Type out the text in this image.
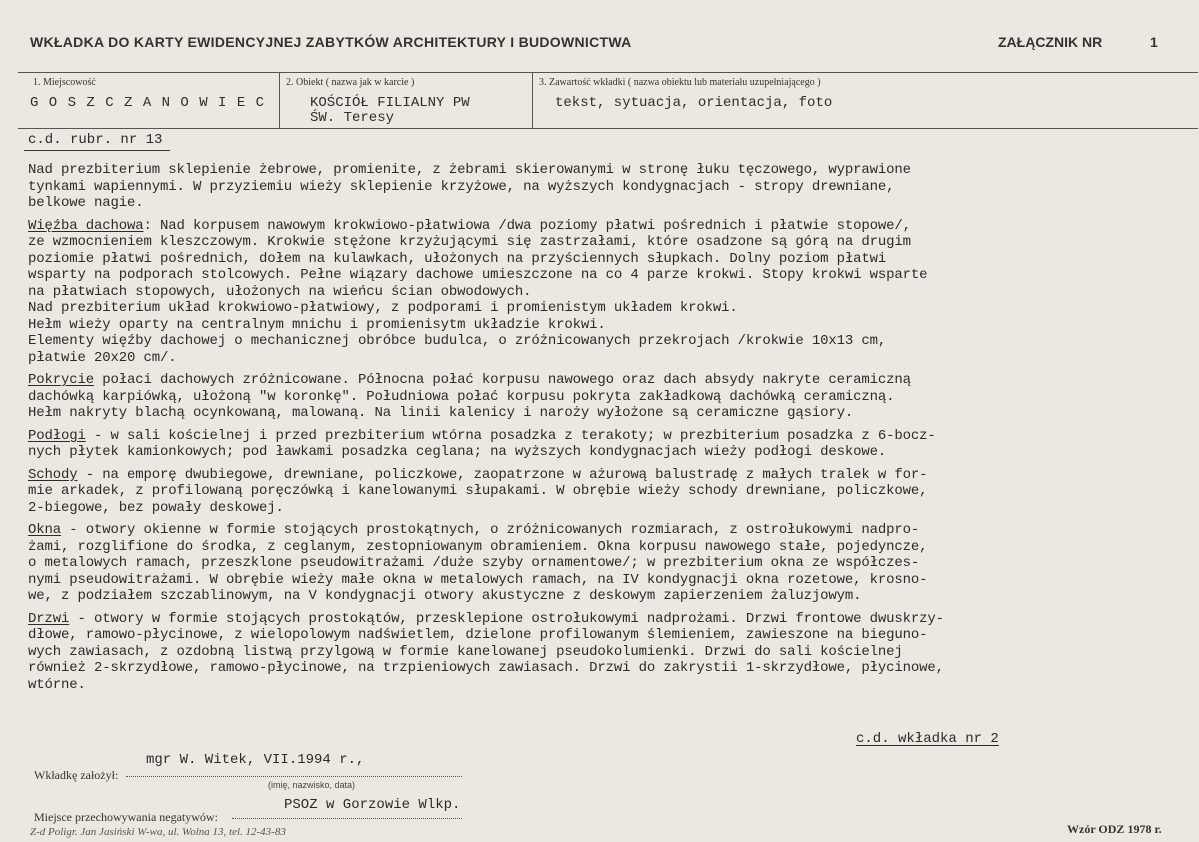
WKŁADKA DO KARTY EWIDENCYJNEJ ZABYTKÓW ARCHITEKTURY I BUDOWNICTWA	ZAŁĄCZNIK NR	1
1. Miejscowość
G O S Z C Z A N O W I E C
2. Obiekt ( nazwa jak w karcie )
KOŚCIÓŁ FILIALNY PW
ŚW. Teresy
3. Zawartość wkładki ( nazwa obiektu lub materiału uzupełniającego )
tekst, sytuacja, orientacja, foto
c.d. rubr. nr 13
Nad prezbiterium sklepienie żebrowe, promienite, z żebrami skierowanymi w stronę łuku tęczowego, wyprawione
tynkami wapiennymi. W przyziemiu wieży sklepienie krzyżowe, na wyższych kondygnacjach - stropy drewniane,
belkowe nagie.
Więźba dachowa: Nad korpusem nawowym krokwiowo-płatwiowa /dwa poziomy płatwi pośrednich i płatwie stopowe/,
ze wzmocnieniem kleszczowym. Krokwie stężone krzyżującymi się zastrzałami, które osadzone są górą na drugim
poziomie płatwi pośrednich, dołem na kulawkach, ułożonych na przyściennych słupkach. Dolny poziom płatwi
wsparty na podporach stolcowych. Pełne wiązary dachowe umieszczone na co 4 parze krokwi. Stopy krokwi wsparte
na płatwiach stopowych, ułożonych na wieńcu ścian obwodowych.
Nad prezbiterium układ krokwiowo-płatwiowy, z podporami i promienistym układem krokwi.
Hełm wieży oparty na centralnym mnichu i promienisytm układzie krokwi.
Elementy więźby dachowej o mechanicznej obróbce budulca, o zróżnicowanych przekrojach /krokwie 10x13 cm,
płatwie 20x20 cm/.
Pokrycie połaci dachowych zróżnicowane. Północna połać korpusu nawowego oraz dach absydy nakryte ceramiczną
dachówką karpiówką, ułożoną "w koronkę". Południowa połać korpusu pokryta zakładkową dachówką ceramiczną.
Hełm nakryty blachą ocynkowaną, malowaną. Na linii kalenicy i naroży wyłożone są ceramiczne gąsiory.
Podłogi - w sali kościelnej i przed prezbiterium wtórna posadzka z terakoty; w prezbiterium posadzka z 6-bocz-
nych płytek kamionkowych; pod ławkami posadzka ceglana; na wyższych kondygnacjach wieży podłogi deskowe.
Schody - na emporę dwubiegowe, drewniane, policzkowe, zaopatrzone w ażurową balustradę z małych tralek w for-
mie arkadek, z profilowaną poręczówką i kanelowanymi słupakami. W obrębie wieży schody drewniane, policzkowe,
2-biegowe, bez powały deskowej.
Okna - otwory okienne w formie stojących prostokątnych, o zróżnicowanych rozmiarach, z ostrołukowymi nadpro-
żami, rozglifione do środka, z ceglanym, zestopniowanym obramieniem. Okna korpusu nawowego stałe, pojedyncze,
o metalowych ramach, przeszklone pseudowitrażami /duże szyby ornamentowe/; w prezbiterium okna ze współczes-
nymi pseudowitrażami. W obrębie wieży małe okna w metalowych ramach, na IV kondygnacji okna rozetowe, krosno-
we, z podziałem szczablinowym, na V kondygnacji otwory akustyczne z deskowym zapierzeniem żaluzjowym.
Drzwi - otwory w formie stojących prostokątów, przesklepione ostrołukowymi nadprożami. Drzwi frontowe dwuskrzy-
dłowe, ramowo-płycinowe, z wielopolowym nadświetlem, dzielone profilowanym ślemieniem, zawieszone na bieguno-
wych zawiasach, z ozdobną listwą przylgową w formie kanelowanej pseudokolumienki. Drzwi do sali kościelnej
również 2-skrzydłowe, ramowo-płycinowe, na trzpieniowych zawiasach. Drzwi do zakrystii 1-skrzydłowe, płycinowe,
wtórne.
c.d. wkładka nr 2
Wkładkę założył:
mgr W. Witek, VII.1994 r.,
(imię, nazwisko, data)
Miejsce przechowywania negatywów:
PSOZ w Gorzowie Wlkp.
Z-d Poligr. Jan Jasiński W-wa, ul. Wolna 13, tel. 12-43-83	Wzór ODZ 1978 r.
